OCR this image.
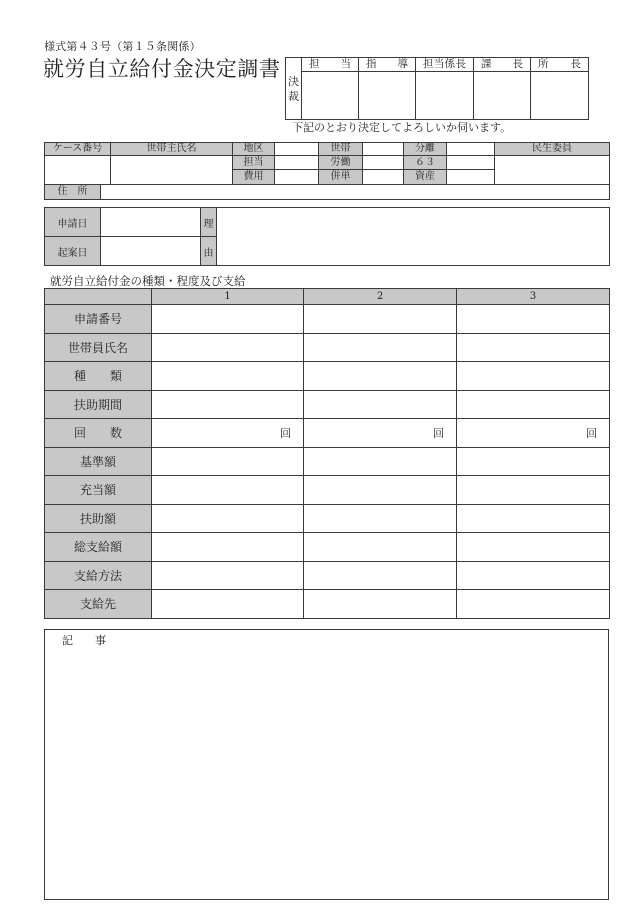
様式第４３号（第１５条関係）
就労自立給付金決定調書 決
裁	担　当	指　導	担当係長	課　長	所　長

下記のとおり決定してよろしいか伺います。
ケース番号		世帯主氏名	地区		世帯		分離		民生委員
			担当		労働		６３		
			費用		併単		資産		
住　所									
申請日		理	
起案日		由	
就労自立給付金の種類・程度及び支給
	1	2	3
申請番号			
世帯員氏名			
種　　類			
扶助期間			
回　　数	回	回	回
基準額			
充当額			
扶助額			
総支給額			
支給方法			
支給先			
記　　事
